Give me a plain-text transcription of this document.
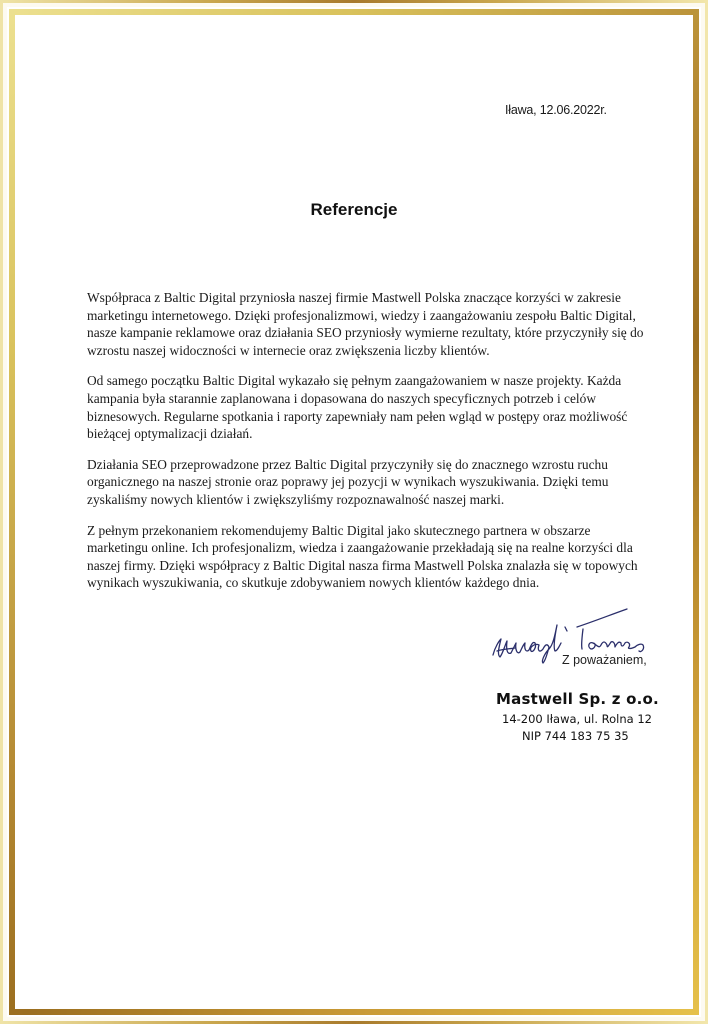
Iława, 12.06.2022r.
Referencje

Współpraca z Baltic Digital przyniosła naszej firmie Mastwell Polska znaczące korzyści w zakresie marketingu internetowego. Dzięki profesjonalizmowi, wiedzy i zaangażowaniu zespołu Baltic Digital, nasze kampanie reklamowe oraz działania SEO przyniosły wymierne rezultaty, które przyczyniły się do wzrostu naszej widoczności w internecie oraz zwiększenia liczby klientów.

Od samego początku Baltic Digital wykazało się pełnym zaangażowaniem w nasze projekty. Każda kampania była starannie zaplanowana i dopasowana do naszych specyficznych potrzeb i celów biznesowych. Regularne spotkania i raporty zapewniały nam pełen wgląd w postępy oraz możliwość bieżącej optymalizacji działań.

Działania SEO przeprowadzone przez Baltic Digital przyczyniły się do znacznego wzrostu ruchu organicznego na naszej stronie oraz poprawy jej pozycji w wynikach wyszukiwania. Dzięki temu zyskaliśmy nowych klientów i zwiększyliśmy rozpoznawalność naszej marki.

Z pełnym przekonaniem rekomendujemy Baltic Digital jako skutecznego partnera w obszarze marketingu online. Ich profesjonalizm, wiedza i zaangażowanie przekładają się na realne korzyści dla naszej firmy. Dzięki współpracy z Baltic Digital nasza firma Mastwell Polska znalazła się w topowych wynikach wyszukiwania, co skutkuje zdobywaniem nowych klientów każdego dnia.

Z poważaniem,
Mastwell Sp. z o.o.
14-200 Iława, ul. Rolna 12
NIP 744 183 75 35
